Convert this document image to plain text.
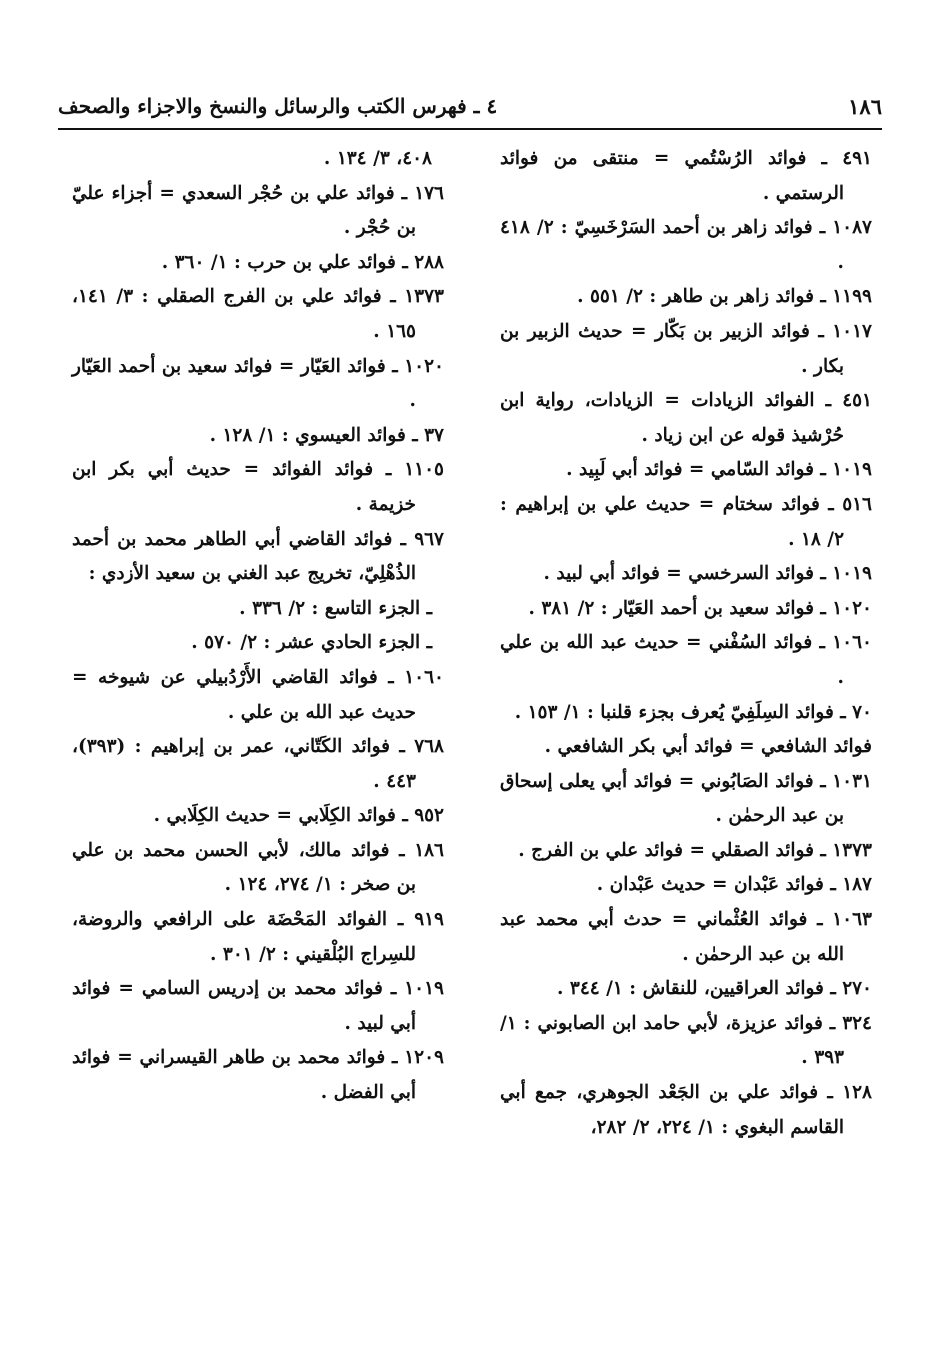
١٨٦
٤ ـ فهرس الكتب والرسائل والنسخ والاجزاء والصحف

٤٩١ ـ فوائد الرُسْتُمي = منتقى من فوائد الرستمي .

١٠٨٧ ـ فوائد زاهر بن أحمد السَرْخَسِيّ : ٢/ ٤١٨ .

١١٩٩ ـ فوائد زاهر بن طاهر : ٢/ ٥٥١ .

١٠١٧ ـ فوائد الزبير بن بَكّار = حديث الزبير بن بكار .

٤٥١ ـ الفوائد الزيادات = الزيادات، رواية ابن حُرْشيذ قوله عن ابن زياد .

١٠١٩ ـ فوائد السّامي = فوائد أبي لَبِيد .

٥١٦ ـ فوائد سختام = حديث علي بن إبراهيم : ٢/ ١٨ .

١٠١٩ ـ فوائد السرخسي = فوائد أبي لبيد .

١٠٢٠ ـ فوائد سعيد بن أحمد العَيّار : ٢/ ٣٨١ .

١٠٦٠ ـ فوائد السُفْني = حديث عبد الله بن علي .

٧٠ ـ فوائد السِلَفِيّ يُعرف بجزء قلنبا : ١/ ١٥٣ .

فوائد الشافعي = فوائد أبي بكر الشافعي .

١٠٣١ ـ فوائد الصَابُوني = فوائد أبي يعلى إسحاق بن عبد الرحمٰن .

١٣٧٣ ـ فوائد الصقلي = فوائد علي بن الفرج .

١٨٧ ـ فوائد عَبْدان = حديث عَبْدان .

١٠٦٣ ـ فوائد العُثْماني = حدث أبي محمد عبد الله بن عبد الرحمٰن .

٢٧٠ ـ فوائد العراقيين، للنقاش : ١/ ٣٤٤ .

٣٢٤ ـ فوائد عزيزة، لأبي حامد ابن الصابوني : ١/ ٣٩٣ .

١٢٨ ـ فوائد علي بن الجَعْد الجوهري، جمع أبي القاسم البغوي : ١/ ٢٢٤، ٢/ ٢٨٢،

٤٠٨، ٣/ ١٣٤ .

١٧٦ ـ فوائد علي بن حُجْر السعدي = أجزاء عليّ بن حُجْر .

٢٨٨ ـ فوائد علي بن حرب : ١/ ٣٦٠ .

١٣٧٣ ـ فوائد علي بن الفرج الصقلي : ٣/ ١٤١، ١٦٥ .

١٠٢٠ ـ فوائد العَيّار = فوائد سعيد بن أحمد العَيّار .

٣٧ ـ فوائد العيسوي : ١/ ١٢٨ .

١١٠٥ ـ فوائد الفوائد = حديث أبي بكر ابن خزيمة .

٩٦٧ ـ فوائد القاضي أبي الطاهر محمد بن أحمد الذُهْلِيّ، تخريج عبد الغني بن سعيد الأزدي :

ـ الجزء التاسع : ٢/ ٣٣٦ .

ـ الجزء الحادي عشر : ٢/ ٥٧٠ .

١٠٦٠ ـ فوائد القاضي الأَرْدُبيلي عن شيوخه = حديث عبد الله بن علي .

٧٦٨ ـ فوائد الكَتّاني، عمر بن إبراهيم : (٣٩٣)، ٤٤٣ .

٩٥٢ ـ فوائد الكِلَابي = حديث الكِلَابي .

١٨٦ ـ فوائد مالك، لأبي الحسن محمد بن علي بن صخر : ١/ ٢٧٤، ١٢٤ .

٩١٩ ـ الفوائد المَحْضَة على الرافعي والروضة، للسِراج البُلْقيني : ٢/ ٣٠١ .

١٠١٩ ـ فوائد محمد بن إدريس السامي = فوائد أبي لبيد .

١٢٠٩ ـ فوائد محمد بن طاهر القيسراني = فوائد أبي الفضل .
